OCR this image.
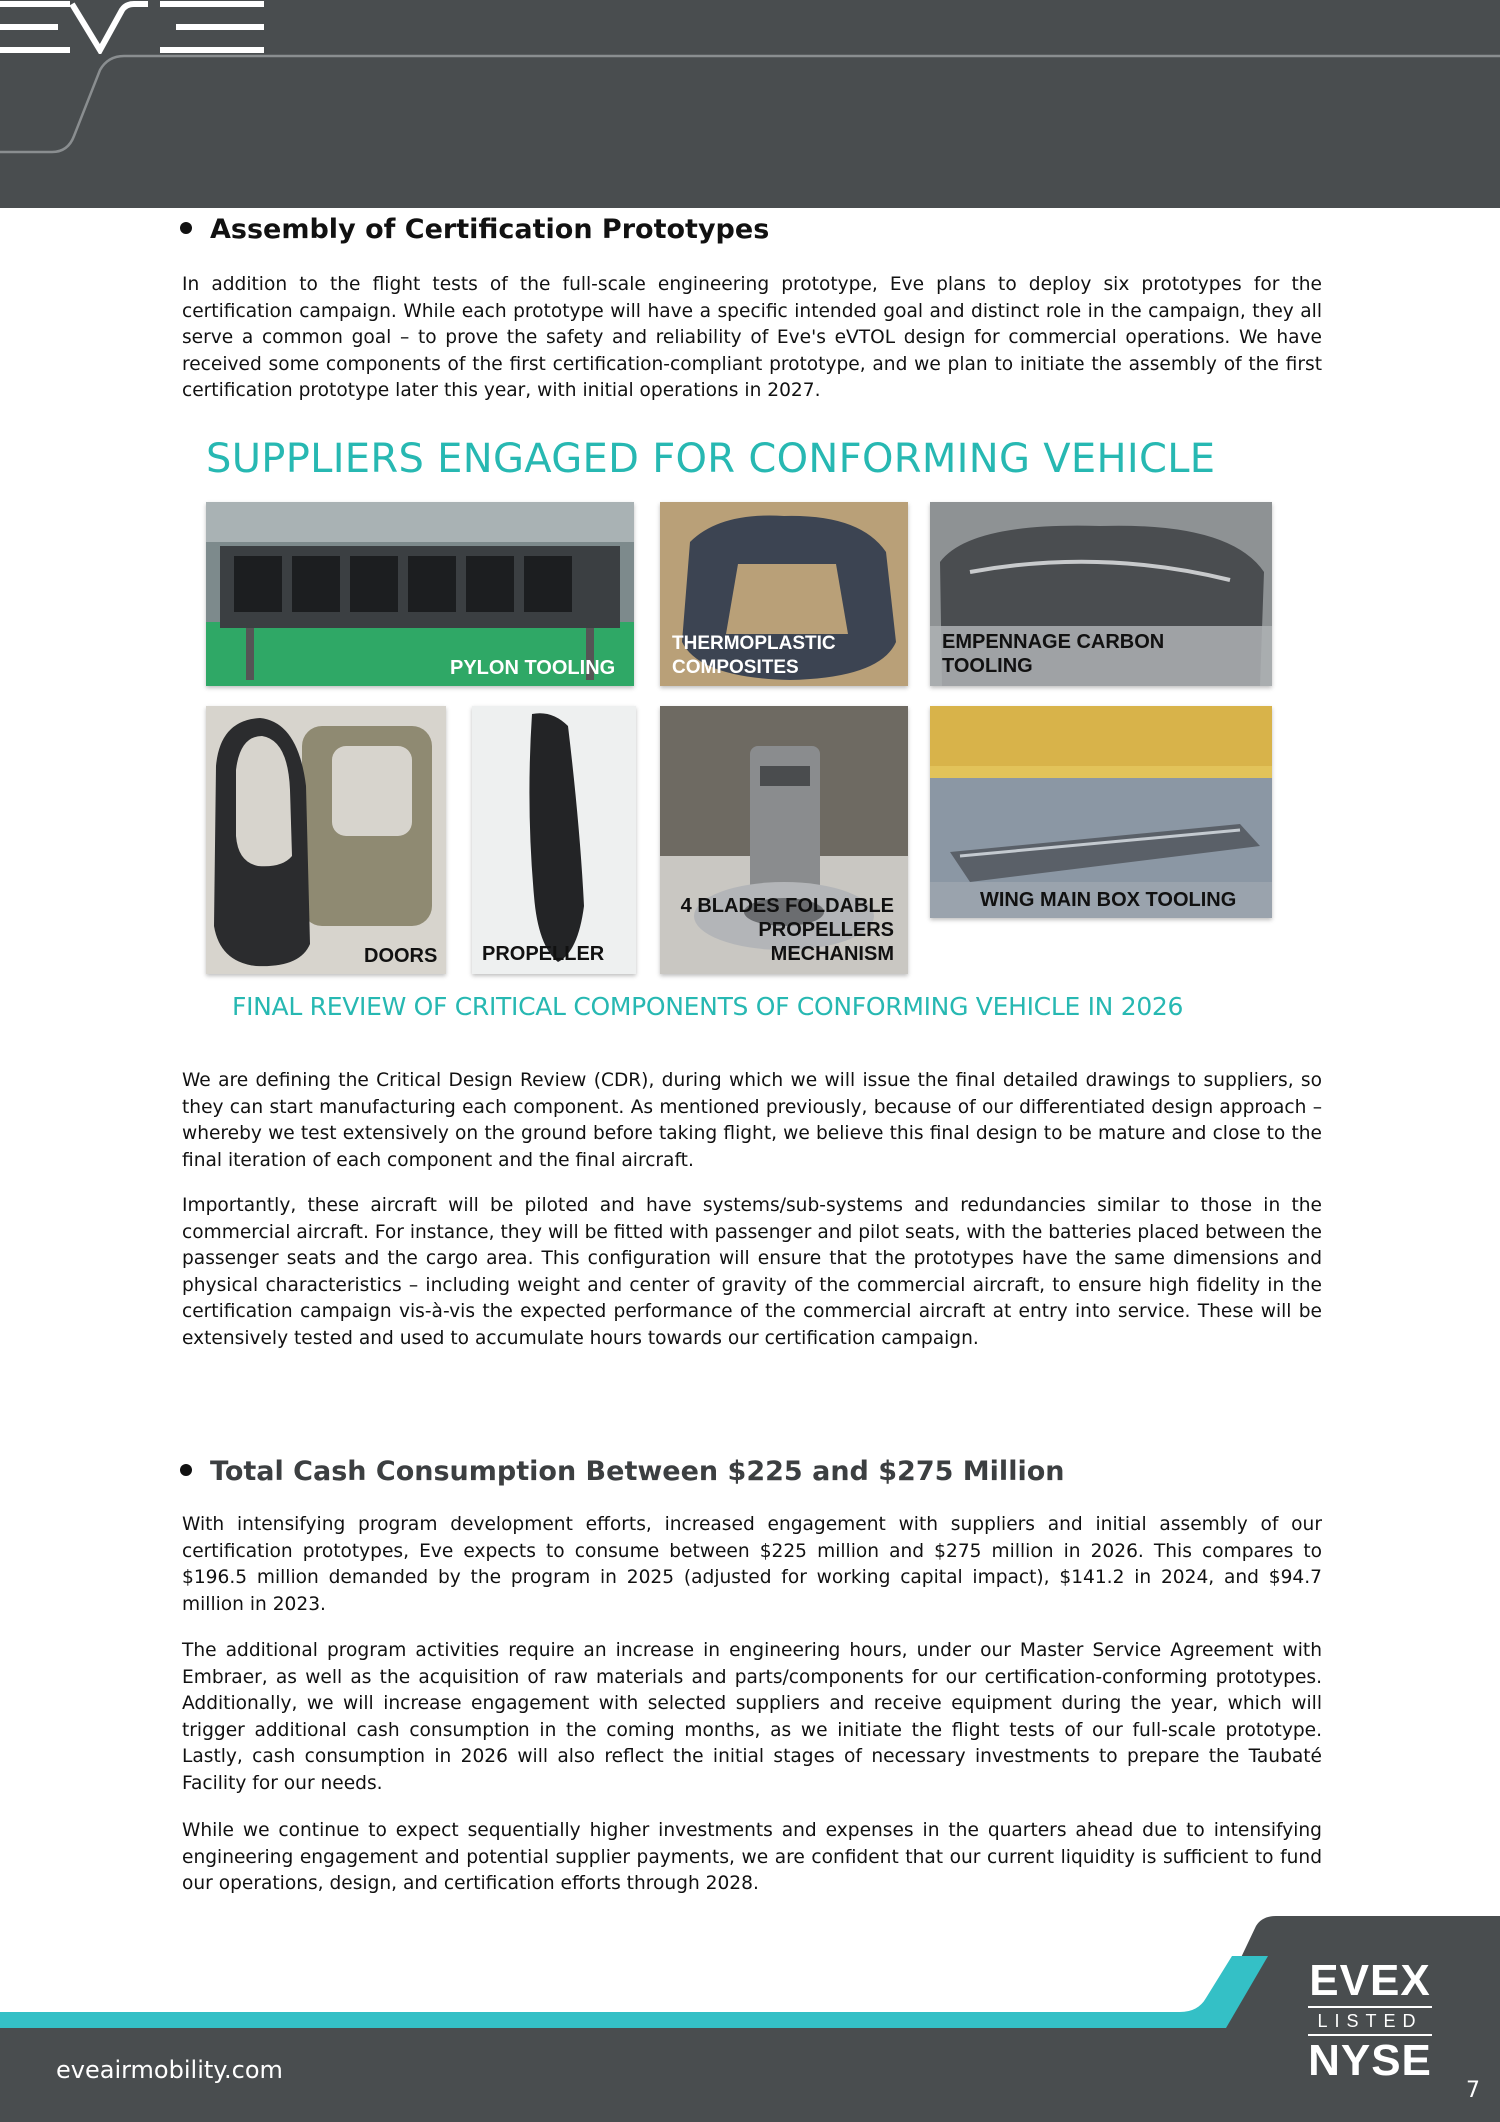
Assembly of Certification Prototypes

In addition to the flight tests of the full-scale engineering prototype, Eve plans to deploy six prototypes for the certification campaign. While each prototype will have a specific intended goal and distinct role in the campaign, they all serve a common goal – to prove the safety and reliability of Eve's eVTOL design for commercial operations. We have received some components of the first certification-compliant prototype, and we plan to initiate the assembly of the first certification prototype later this year, with initial operations in 2027.

SUPPLIERS ENGAGED FOR CONFORMING VEHICLE
PYLON TOOLING
THERMOPLASTIC COMPOSITES
EMPENNAGE CARBON TOOLING
DOORS PROPELLER
4 BLADES FOLDABLE PROPELLERS MECHANISM
WING MAIN BOX TOOLING

FINAL REVIEW OF CRITICAL COMPONENTS OF CONFORMING VEHICLE IN 2026

We are defining the Critical Design Review (CDR), during which we will issue the final detailed drawings to suppliers, so they can start manufacturing each component. As mentioned previously, because of our differentiated design approach – whereby we test extensively on the ground before taking flight, we believe this final design to be mature and close to the final iteration of each component and the final aircraft.

Importantly, these aircraft will be piloted and have systems/sub-systems and redundancies similar to those in the commercial aircraft. For instance, they will be fitted with passenger and pilot seats, with the batteries placed between the passenger seats and the cargo area. This configuration will ensure that the prototypes have the same dimensions and physical characteristics – including weight and center of gravity of the commercial aircraft, to ensure high fidelity in the certification campaign vis-à-vis the expected performance of the commercial aircraft at entry into service. These will be extensively tested and used to accumulate hours towards our certification campaign.

Total Cash Consumption Between $225 and $275 Million

With intensifying program development efforts, increased engagement with suppliers and initial assembly of our certification prototypes, Eve expects to consume between $225 million and $275 million in 2026. This compares to $196.5 million demanded by the program in 2025 (adjusted for working capital impact), $141.2 in 2024, and $94.7 million in 2023.

The additional program activities require an increase in engineering hours, under our Master Service Agreement with Embraer, as well as the acquisition of raw materials and parts/components for our certification-conforming prototypes. Additionally, we will increase engagement with selected suppliers and receive equipment during the year, which will trigger additional cash consumption in the coming months, as we initiate the flight tests of our full-scale prototype. Lastly, cash consumption in 2026 will also reflect the initial stages of necessary investments to prepare the Taubaté Facility for our needs.

While we continue to expect sequentially higher investments and expenses in the quarters ahead due to intensifying engineering engagement and potential supplier payments, we are confident that our current liquidity is sufficient to fund our operations, design, and certification efforts through 2028.

eveairmobility.com

EVEX
LISTED
NYSE

7
